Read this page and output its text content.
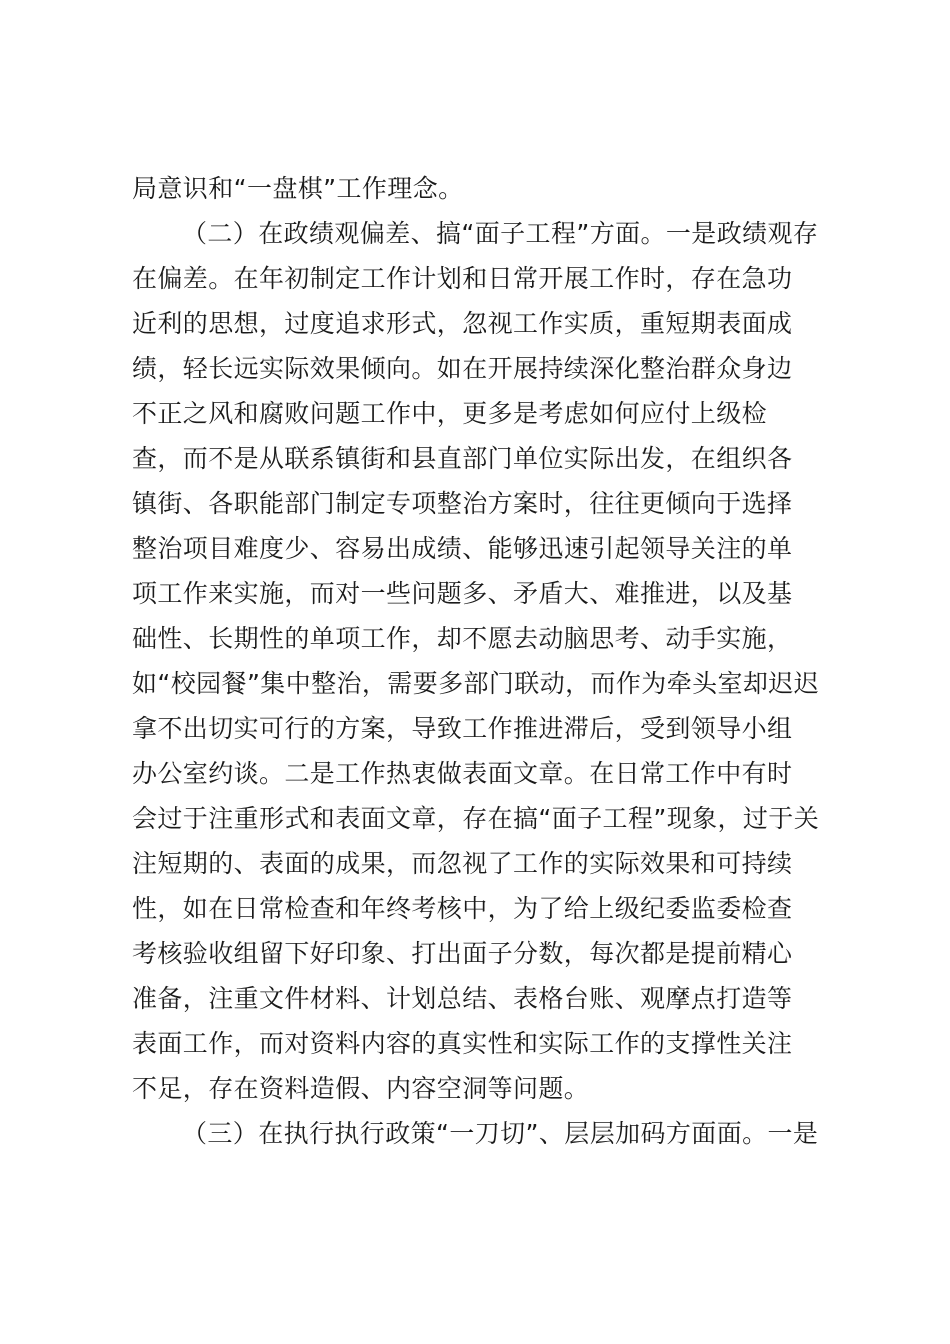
局意识和“一盘棋”工作理念。
（二）在政绩观偏差、搞“面子工程”方面。一是政绩观存
在偏差。在年初制定工作计划和日常开展工作时，存在急功
近利的思想，过度追求形式，忽视工作实质，重短期表面成
绩，轻长远实际效果倾向。如在开展持续深化整治群众身边
不正之风和腐败问题工作中，更多是考虑如何应付上级检
查，而不是从联系镇街和县直部门单位实际出发，在组织各
镇街、各职能部门制定专项整治方案时，往往更倾向于选择
整治项目难度少、容易出成绩、能够迅速引起领导关注的单
项工作来实施，而对一些问题多、矛盾大、难推进，以及基
础性、长期性的单项工作，却不愿去动脑思考、动手实施，
如“校园餐”集中整治，需要多部门联动，而作为牵头室却迟迟
拿不出切实可行的方案，导致工作推进滞后，受到领导小组
办公室约谈。二是工作热衷做表面文章。在日常工作中有时
会过于注重形式和表面文章，存在搞“面子工程”现象，过于关
注短期的、表面的成果，而忽视了工作的实际效果和可持续
性，如在日常检查和年终考核中，为了给上级纪委监委检查
考核验收组留下好印象、打出面子分数，每次都是提前精心
准备，注重文件材料、计划总结、表格台账、观摩点打造等
表面工作，而对资料内容的真实性和实际工作的支撑性关注
不足，存在资料造假、内容空洞等问题。
（三）在执行执行政策“一刀切”、层层加码方面面。一是
